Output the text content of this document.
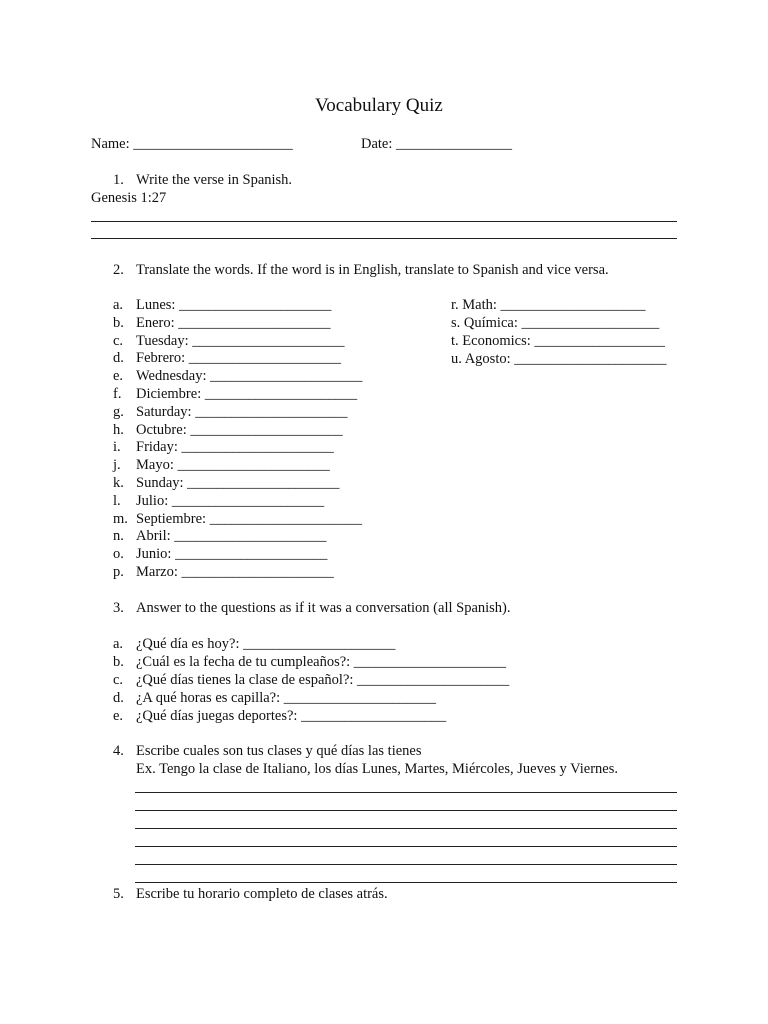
Vocabulary Quiz
Name: ______________________	Date: ________________
1. Write the verse in Spanish.
Genesis 1:27
2. Translate the words. If the word is in English, translate to Spanish and vice versa.
a. Lunes: _____________________
b. Enero: _____________________
c. Tuesday: _____________________
d. Febrero: _____________________
e. Wednesday: _____________________
f. Diciembre: _____________________
g. Saturday: _____________________
h. Octubre: _____________________
i. Friday: _____________________
j. Mayo: _____________________
k. Sunday: _____________________
l. Julio: _____________________
m. Septiembre: _____________________
n. Abril: _____________________
o. Junio: _____________________
p. Marzo: _____________________
r. Math: ____________________
s. Química: ___________________
t. Economics: __________________
u. Agosto: _____________________
3. Answer to the questions as if it was a conversation (all Spanish).
a. ¿Qué día es hoy?: _____________________
b. ¿Cuál es la fecha de tu cumpleaños?: _____________________
c. ¿Qué días tienes la clase de español?: _____________________
d. ¿A qué horas es capilla?: _____________________
e. ¿Qué días juegas deportes?: ____________________
4. Escribe cuales son tus clases y qué días las tienes
Ex. Tengo la clase de Italiano, los días Lunes, Martes, Miércoles, Jueves y Viernes.
5. Escribe tu horario completo de clases atrás.
